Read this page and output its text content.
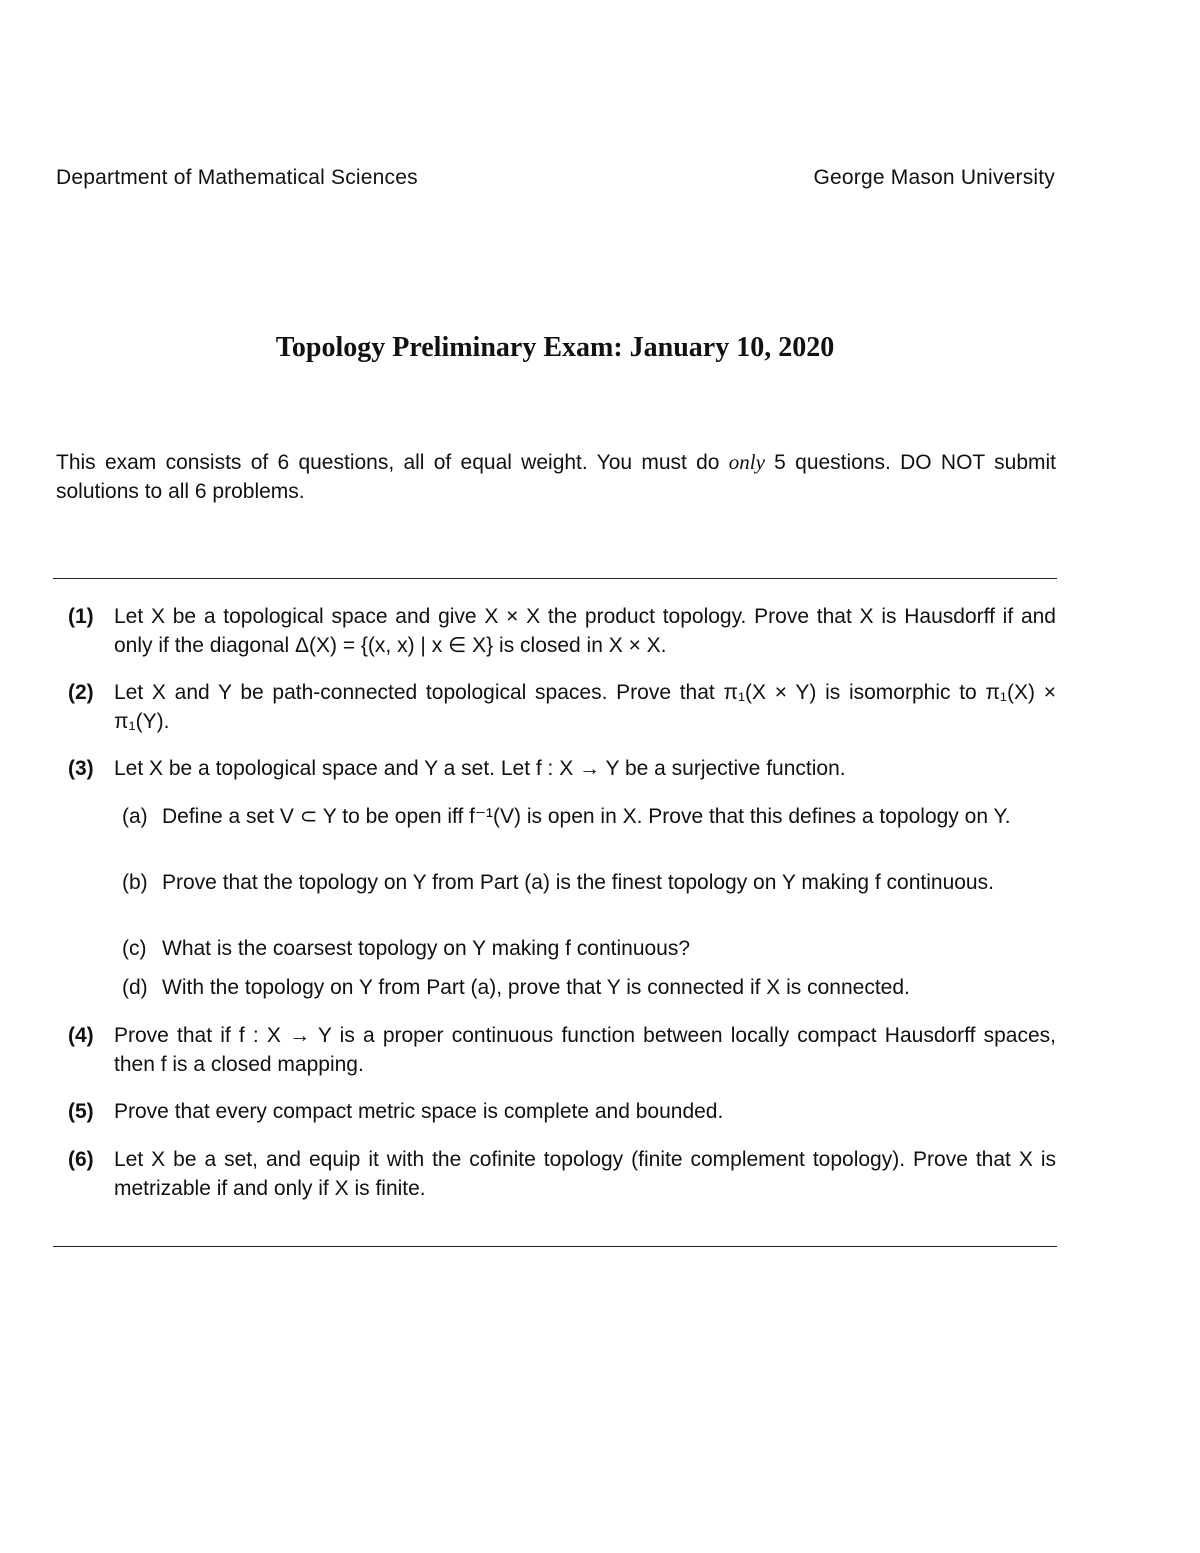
Department of Mathematical Sciences	George Mason University
Topology Preliminary Exam: January 10, 2020
This exam consists of 6 questions, all of equal weight. You must do only 5 questions. DO NOT submit solutions to all 6 problems.
(1) Let X be a topological space and give X × X the product topology. Prove that X is Hausdorff if and only if the diagonal Δ(X) = {(x, x) | x ∈ X} is closed in X × X.
(2) Let X and Y be path-connected topological spaces. Prove that π₁(X × Y) is isomorphic to π₁(X) × π₁(Y).
(3) Let X be a topological space and Y a set. Let f : X → Y be a surjective function.
(a) Define a set V ⊂ Y to be open iff f⁻¹(V) is open in X. Prove that this defines a topology on Y.
(b) Prove that the topology on Y from Part (a) is the finest topology on Y making f continuous.
(c) What is the coarsest topology on Y making f continuous?
(d) With the topology on Y from Part (a), prove that Y is connected if X is connected.
(4) Prove that if f : X → Y is a proper continuous function between locally compact Hausdorff spaces, then f is a closed mapping.
(5) Prove that every compact metric space is complete and bounded.
(6) Let X be a set, and equip it with the cofinite topology (finite complement topology). Prove that X is metrizable if and only if X is finite.
